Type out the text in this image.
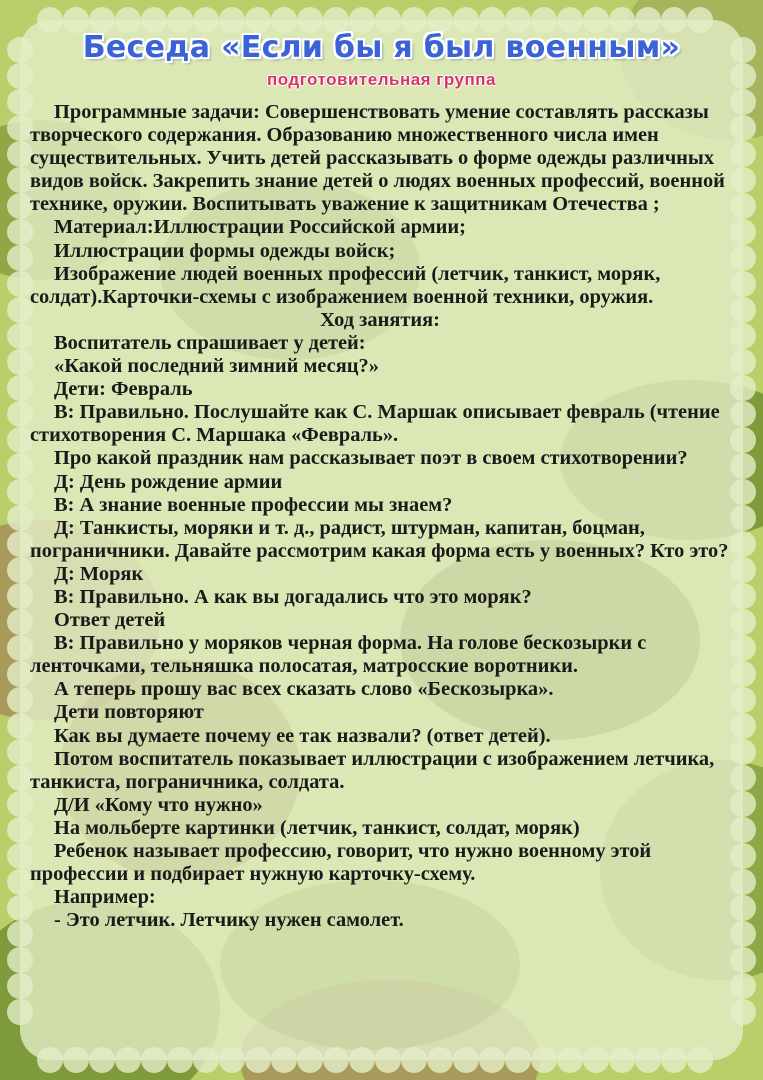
Беседа «Если бы я был военным»
подготовительная группа

Программные задачи: Совершенствовать умение составлять рассказы творческого содержания. Образованию множественного числа имен существительных. Учить детей рассказывать о форме одежды различных видов войск. Закрепить знание детей о людях военных профессий, военной технике, оружии. Воспитывать уважение к защитникам Отечества ;

Материал:Иллюстрации Российской армии;

Иллюстрации формы одежды войск;

Изображение людей военных профессий (летчик, танкист, моряк, солдат).Карточки-схемы с изображением военной техники, оружия.

Ход занятия:

Воспитатель спрашивает у детей:

«Какой последний зимний месяц?»

Дети: Февраль

В: Правильно. Послушайте как С. Маршак описывает февраль (чтение стихотворения С. Маршака «Февраль».

Про какой праздник нам рассказывает поэт в своем стихотворении?

Д: День рождение армии

В: А знание военные профессии мы знаем?

Д: Танкисты, моряки и т. д., радист, штурман, капитан, боцман, пограничники. Давайте рассмотрим какая форма есть у военных? Кто это?

Д: Моряк

В: Правильно. А как вы догадались что это моряк?

Ответ детей

В: Правильно у моряков черная форма. На голове бескозырки с ленточками, тельняшка полосатая, матросские воротники.

А теперь прошу вас всех сказать слово «Бескозырка».

Дети повторяют

Как вы думаете почему ее так назвали? (ответ детей).

Потом воспитатель показывает иллюстрации с изображением летчика, танкиста, пограничника, солдата.

Д/И «Кому что нужно»

На мольберте картинки (летчик, танкист, солдат, моряк)

Ребенок называет профессию, говорит, что нужно военному этой профессии и подбирает нужную карточку-схему.

Например:

- Это летчик. Летчику нужен самолет.
